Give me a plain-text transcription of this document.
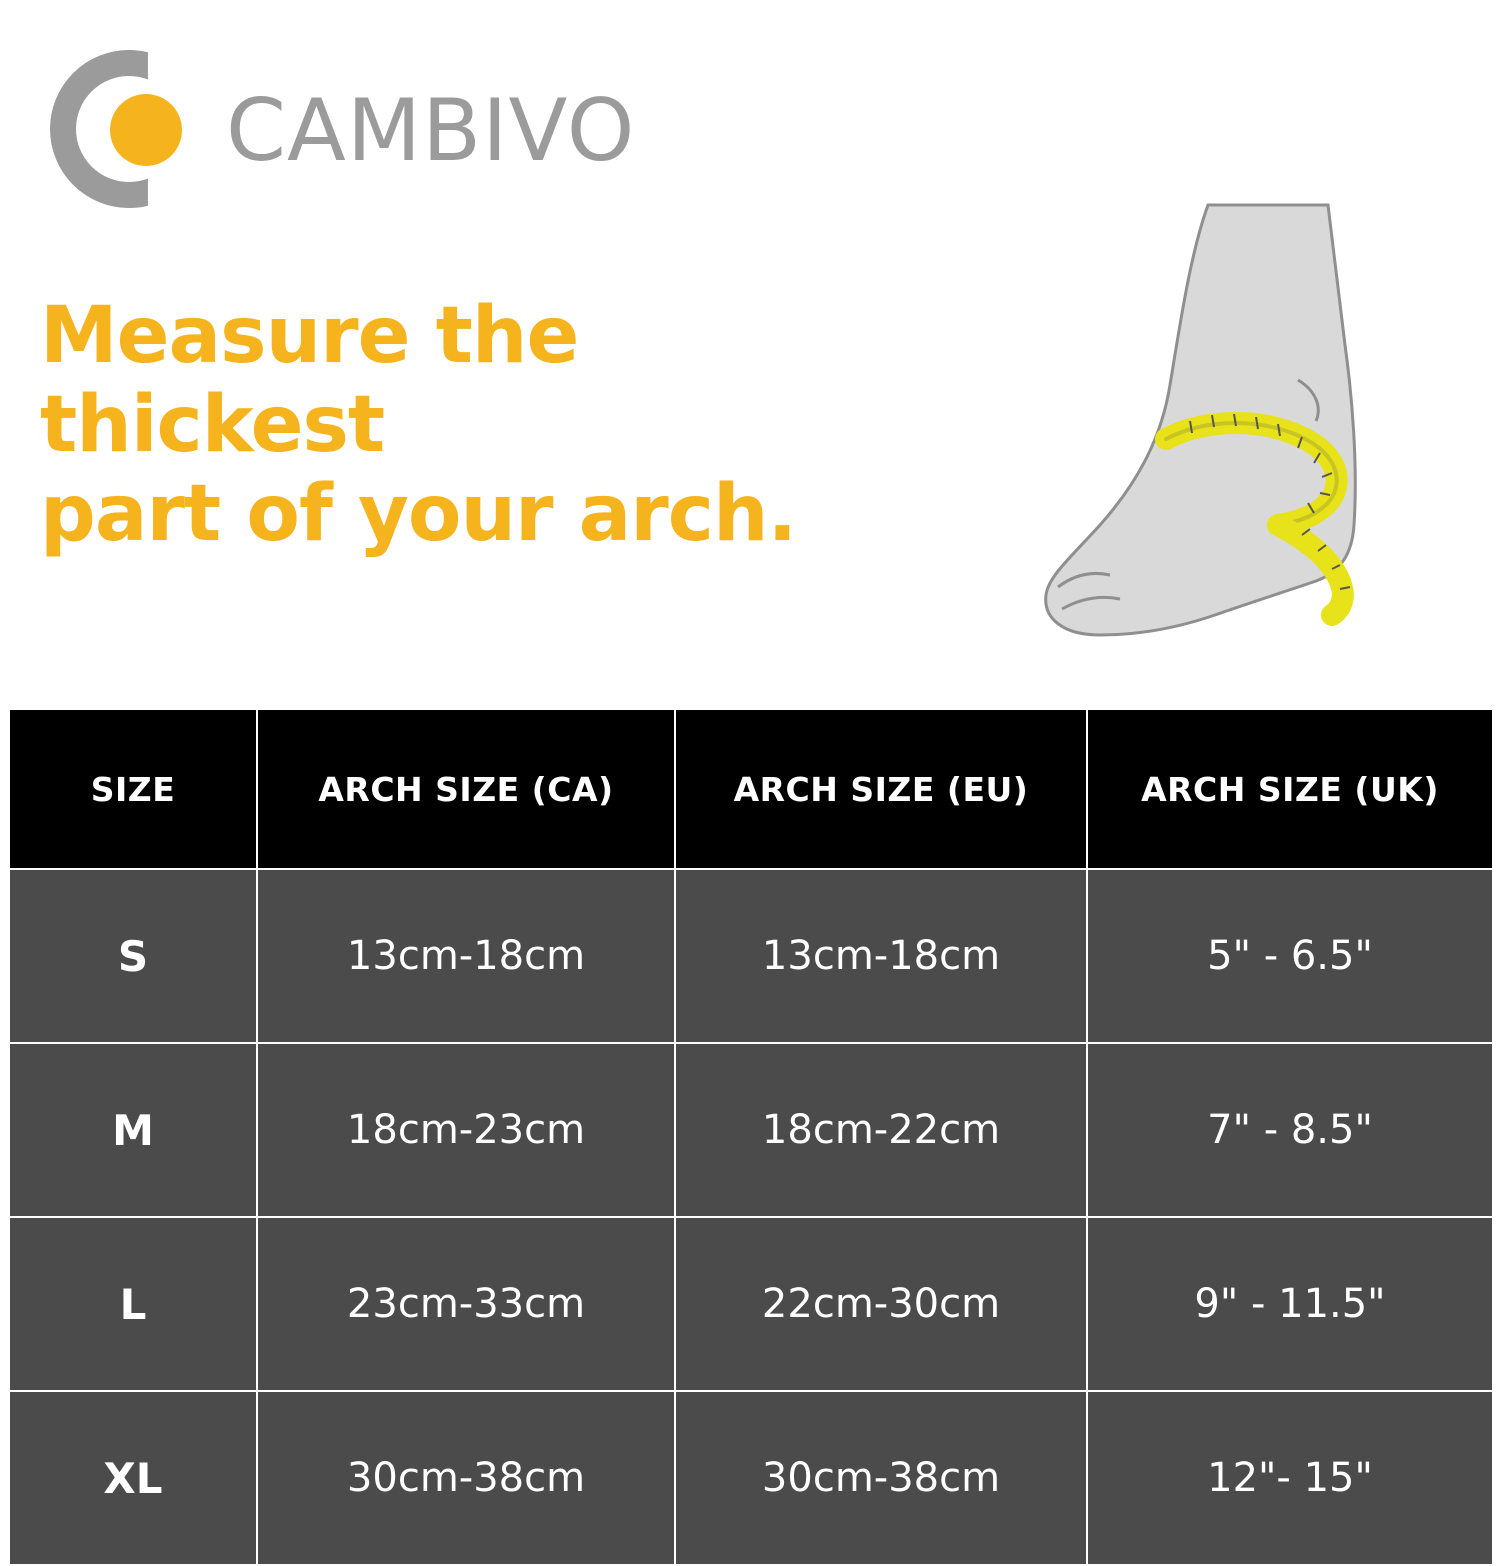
CAMBIVO
Measure the
thickest
part of your arch.
SIZE	ARCH SIZE (CA)	ARCH SIZE (EU)	ARCH SIZE (UK)
S	13cm-18cm	13cm-18cm	5" - 6.5"
M	18cm-23cm	18cm-22cm	7" - 8.5"
L	23cm-33cm	22cm-30cm	9" - 11.5"
XL	30cm-38cm	30cm-38cm	12"- 15"
